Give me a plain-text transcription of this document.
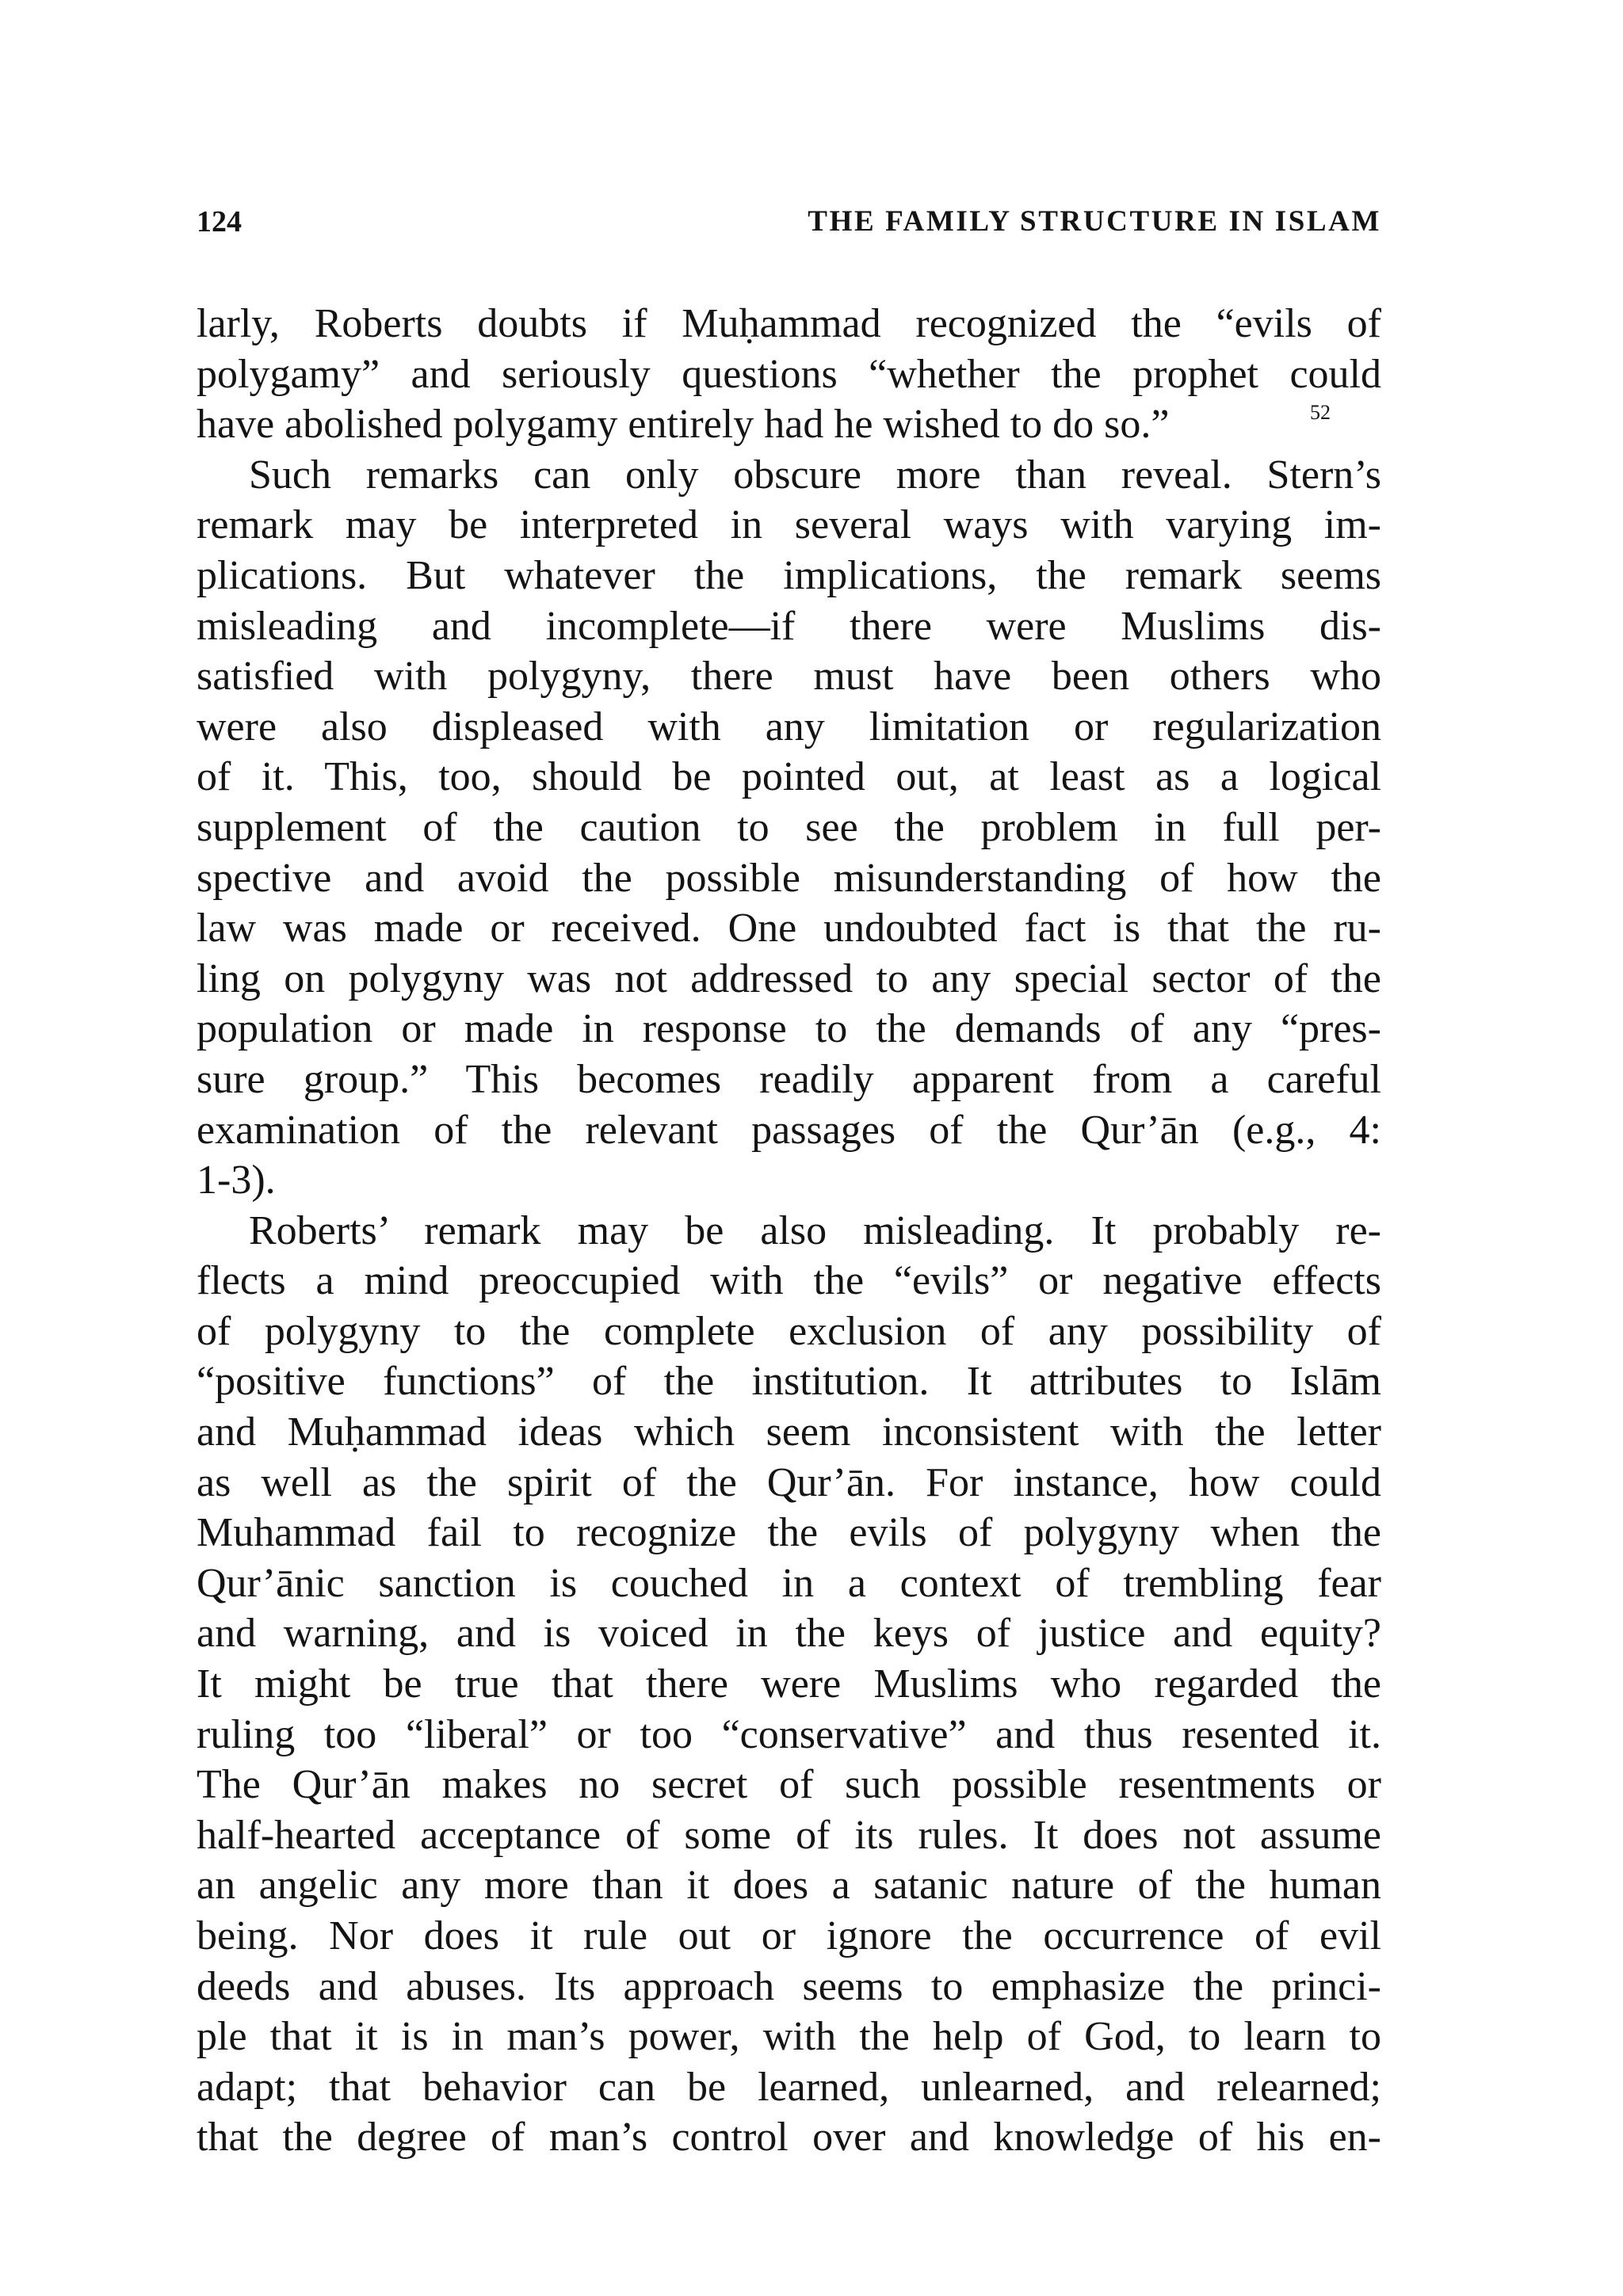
124	THE FAMILY STRUCTURE IN ISLAM
larly, Roberts doubts if Muḥammad recognized the “evils of
polygamy” and seriously questions “whether the prophet could
have abolished polygamy entirely had he wished to do so.”	52
Such remarks can only obscure more than reveal. Stern’s
remark may be interpreted in several ways with varying im-
plications. But whatever the implications, the remark seems
misleading and incomplete—if there were Muslims dis-
satisfied with polygyny, there must have been others who
were also displeased with any limitation or regularization
of it. This, too, should be pointed out, at least as a logical
supplement of the caution to see the problem in full per-
spective and avoid the possible misunderstanding of how the
law was made or received. One undoubted fact is that the ru-
ling on polygyny was not addressed to any special sector of the
population or made in response to the demands of any “pres-
sure group.” This becomes readily apparent from a careful
examination of the relevant passages of the Qur’ān (e.g., 4:
1-3).
Roberts’ remark may be also misleading. It probably re-
flects a mind preoccupied with the “evils” or negative effects
of polygyny to the complete exclusion of any possibility of
“positive functions” of the institution. It attributes to Islām
and Muḥammad ideas which seem inconsistent with the letter
as well as the spirit of the Qur’ān. For instance, how could
Muhammad fail to recognize the evils of polygyny when the
Qur’ānic sanction is couched in a context of trembling fear
and warning, and is voiced in the keys of justice and equity?
It might be true that there were Muslims who regarded the
ruling too “liberal” or too “conservative” and thus resented it.
The Qur’ān makes no secret of such possible resentments or
half-hearted acceptance of some of its rules. It does not assume
an angelic any more than it does a satanic nature of the human
being. Nor does it rule out or ignore the occurrence of evil
deeds and abuses. Its approach seems to emphasize the princi-
ple that it is in man’s power, with the help of God, to learn to
adapt; that behavior can be learned, unlearned, and relearned;
that the degree of man’s control over and knowledge of his en-
